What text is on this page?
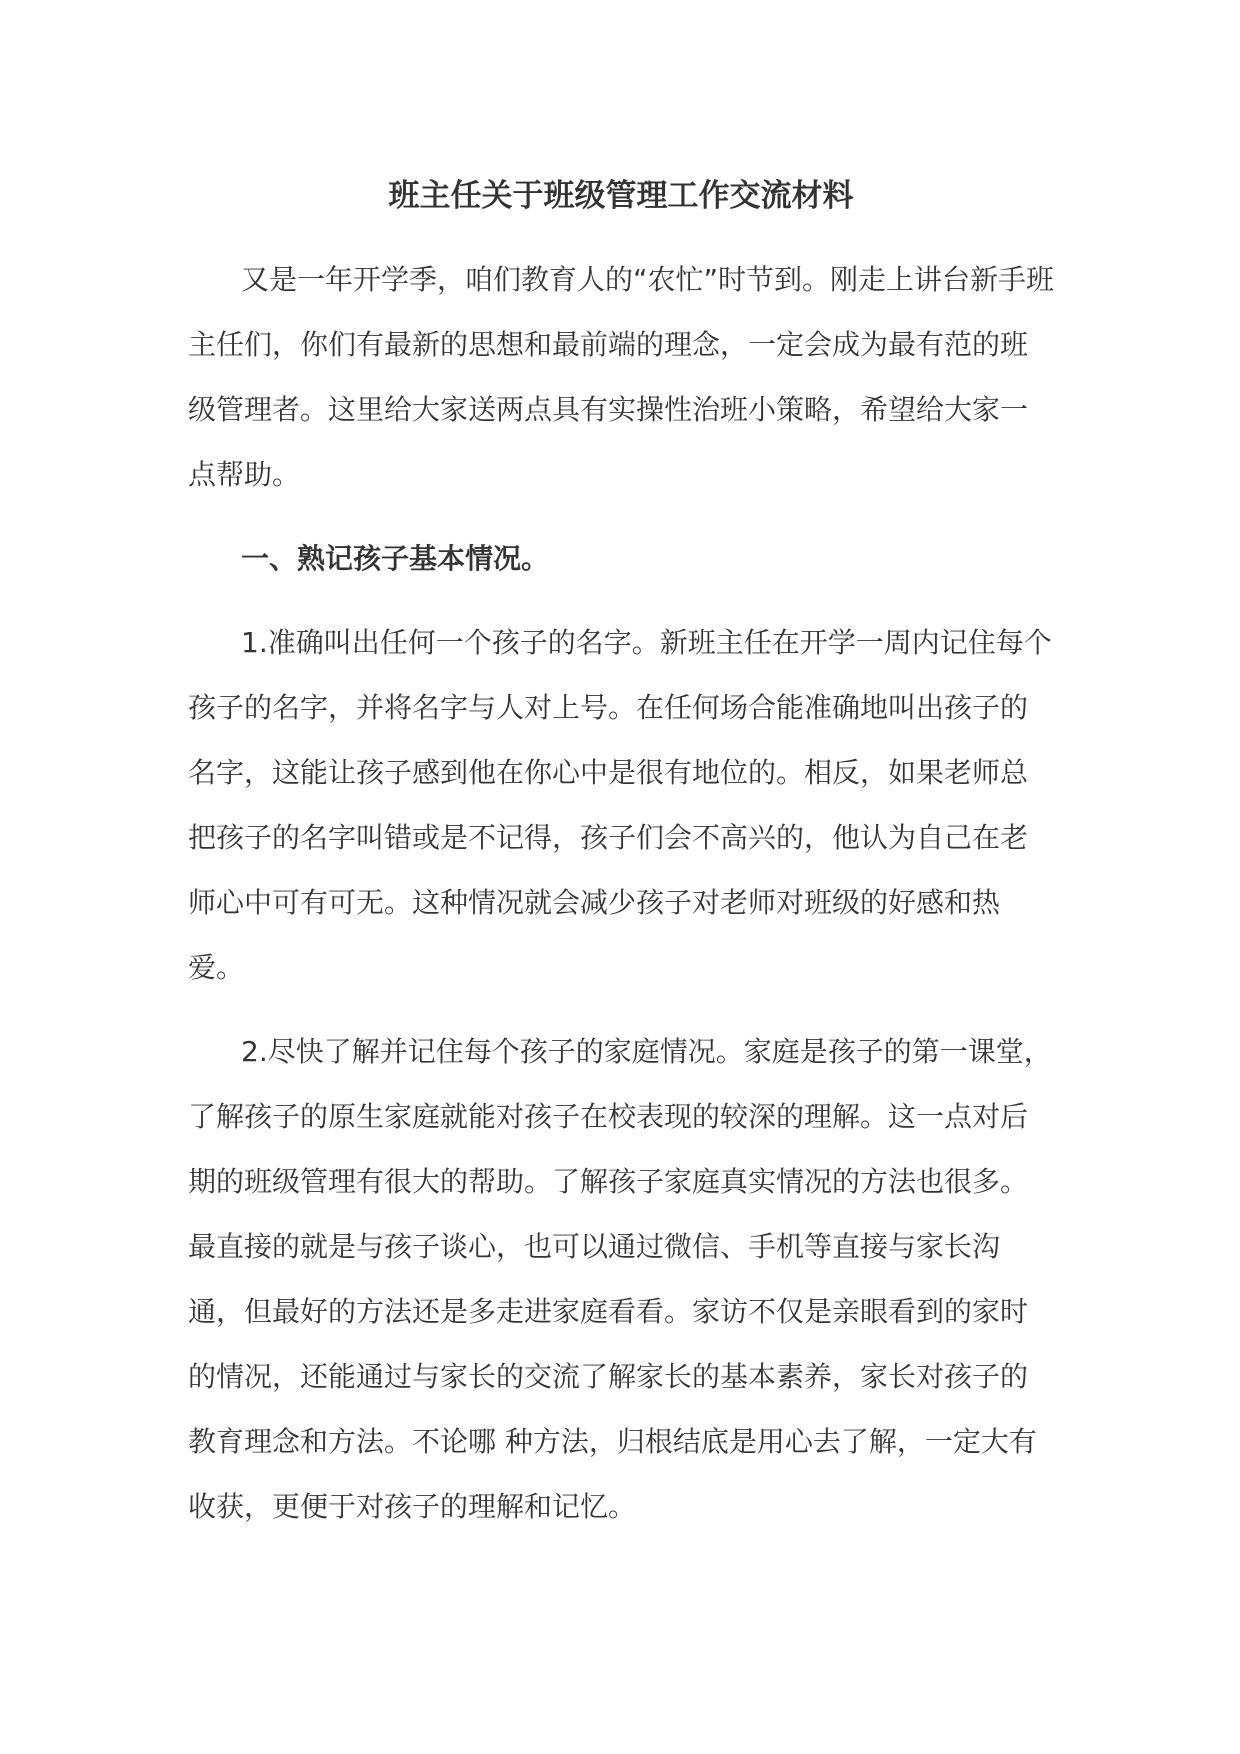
班主任关于班级管理工作交流材料

又是一年开学季，咱们教育人的“农忙”时节到。刚走上讲台新手班主任们，你们有最新的思想和最前端的理念，一定会成为最有范的班级管理者。这里给大家送两点具有实操性治班小策略，希望给大家一点帮助。

一、熟记孩子基本情况。

1.准确叫出任何一个孩子的名字。新班主任在开学一周内记住每个孩子的名字，并将名字与人对上号。在任何场合能准确地叫出孩子的名字，这能让孩子感到他在你心中是很有地位的。相反，如果老师总把孩子的名字叫错或是不记得，孩子们会不高兴的，他认为自己在老师心中可有可无。这种情况就会减少孩子对老师对班级的好感和热爱。

2.尽快了解并记住每个孩子的家庭情况。家庭是孩子的第一课堂，了解孩子的原生家庭就能对孩子在校表现的较深的理解。这一点对后期的班级管理有很大的帮助。了解孩子家庭真实情况的方法也很多。最直接的就是与孩子谈心，也可以通过微信、手机等直接与家长沟通，但最好的方法还是多走进家庭看看。家访不仅是亲眼看到的家时的情况，还能通过与家长的交流了解家长的基本素养，家长对孩子的教育理念和方法。不论哪 种方法，归根结底是用心去了解，一定大有收获，更便于对孩子的理解和记忆。
